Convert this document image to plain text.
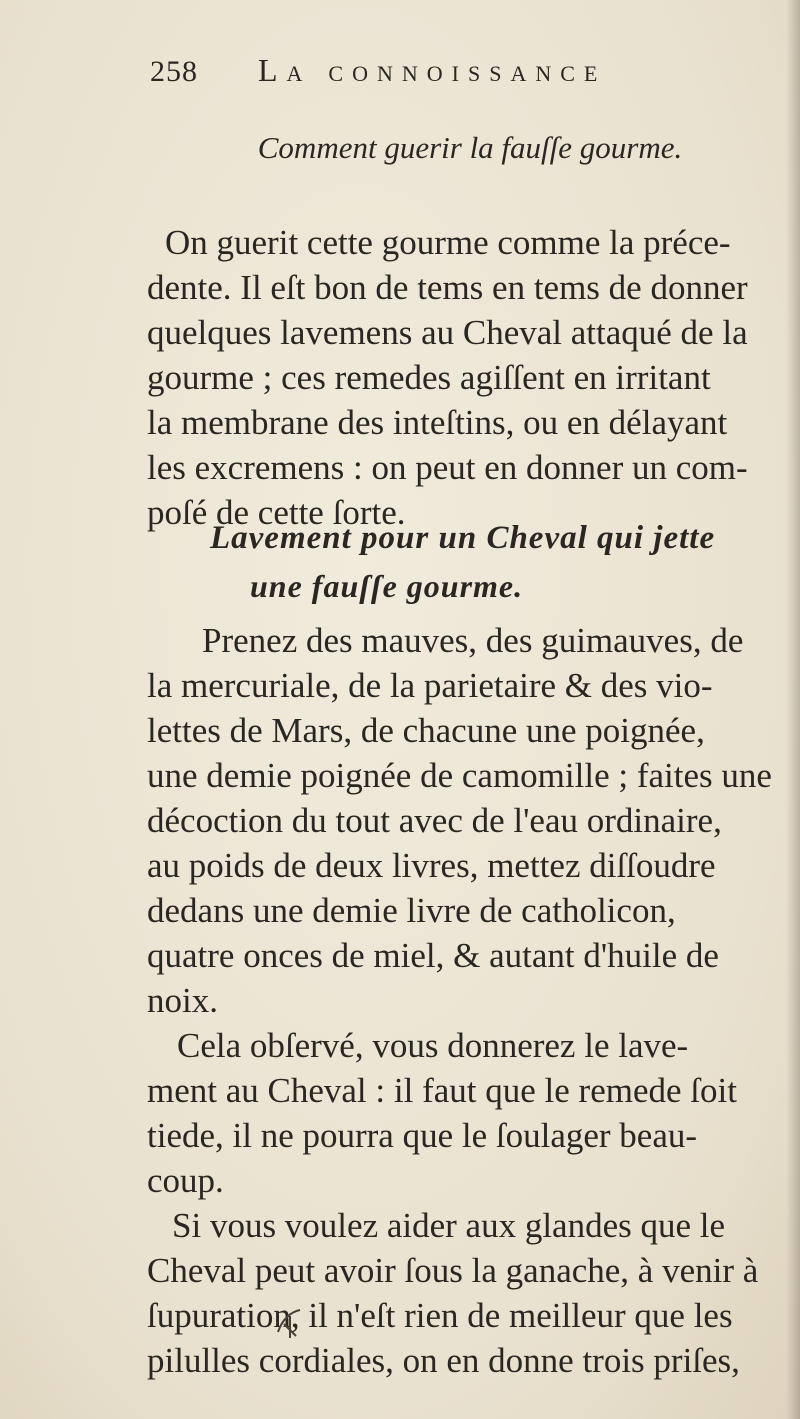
258 La connoissance
Comment guerir la fauſſe gourme.
On guerit cette gourme comme la préce-
dente. Il eſt bon de tems en tems de donner
quelques lavemens au Cheval attaqué de la
gourme ; ces remedes agiſſent en irritant
la membrane des inteſtins, ou en délayant
les excremens : on peut en donner un com-
poſé de cette ſorte.
Lavement pour un Cheval qui jette
une fauſſe gourme.
Prenez des mauves, des guimauves, de
la mercuriale, de la parietaire & des vio-
lettes de Mars, de chacune une poignée,
une demie poignée de camomille ; faites une
décoction du tout avec de l'eau ordinaire,
au poids de deux livres, mettez diſſoudre
dedans une demie livre de catholicon,
quatre onces de miel, & autant d'huile de
noix.
Cela obſervé, vous donnerez le lave-
ment au Cheval : il faut que le remede ſoit
tiede, il ne pourra que le ſoulager beau-
coup.
Si vous voulez aider aux glandes que le
Cheval peut avoir ſous la ganache, à venir à
ſupuration, il n'eſt rien de meilleur que les
pilulles cordiales, on en donne trois priſes,
